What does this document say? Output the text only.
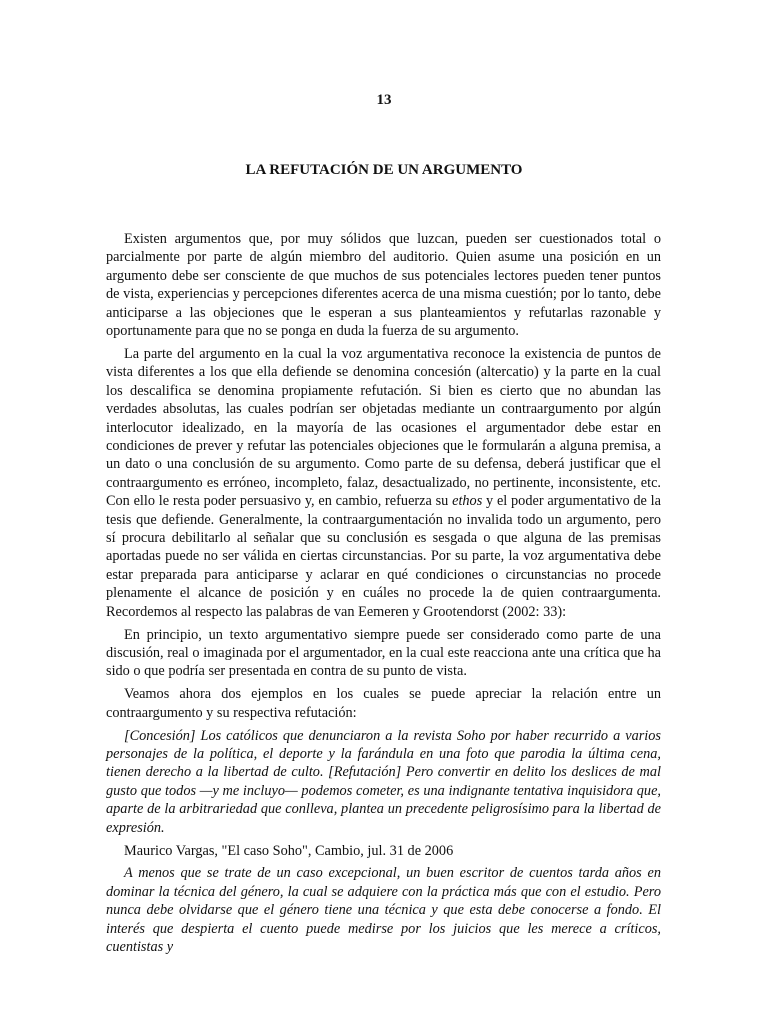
13
LA REFUTACIÓN DE UN ARGUMENTO

Existen argumentos que, por muy sólidos que luzcan, pueden ser cuestionados total o parcialmente por parte de algún miembro del auditorio. Quien asume una posición en un argumento debe ser consciente de que muchos de sus potenciales lectores pueden tener puntos de vista, experiencias y percepciones diferentes acerca de una misma cuestión; por lo tanto, debe anticiparse a las objeciones que le esperan a sus planteamientos y refutarlas razonable y oportunamente para que no se ponga en duda la fuerza de su argumento.

La parte del argumento en la cual la voz argumentativa reconoce la existencia de puntos de vista diferentes a los que ella defiende se denomina concesión (altercatio) y la parte en la cual los descalifica se denomina propiamente refutación. Si bien es cierto que no abundan las verdades absolutas, las cuales podrían ser objetadas mediante un contraargumento por algún interlocutor idealizado, en la mayoría de las ocasiones el argumentador debe estar en condiciones de prever y refutar las potenciales objeciones que le formularán a alguna premisa, a un dato o una conclusión de su argumento. Como parte de su defensa, deberá justificar que el contraargumento es erróneo, incompleto, falaz, desactualizado, no pertinente, inconsistente, etc. Con ello le resta poder persuasivo y, en cambio, refuerza su ethos y el poder argumentativo de la tesis que defiende. Generalmente, la contraargumentación no invalida todo un argumento, pero sí procura debilitarlo al señalar que su conclusión es sesgada o que alguna de las premisas aportadas puede no ser válida en ciertas circunstancias. Por su parte, la voz argumentativa debe estar preparada para anticiparse y aclarar en qué condiciones o circunstancias no procede plenamente el alcance de posición y en cuáles no procede la de quien contraargumenta. Recordemos al respecto las palabras de van Eemeren y Grootendorst (2002: 33):

En principio, un texto argumentativo siempre puede ser considerado como parte de una discusión, real o imaginada por el argumentador, en la cual este reacciona ante una crítica que ha sido o que podría ser presentada en contra de su punto de vista.

Veamos ahora dos ejemplos en los cuales se puede apreciar la relación entre un contraargumento y su respectiva refutación:

[Concesión] Los católicos que denunciaron a la revista Soho por haber recurrido a varios personajes de la política, el deporte y la farándula en una foto que parodia la última cena, tienen derecho a la libertad de culto. [Refutación] Pero convertir en delito los deslices de mal gusto que todos —y me incluyo— podemos cometer, es una indignante tentativa inquisidora que, aparte de la arbitrariedad que conlleva, plantea un precedente peligrosísimo para la libertad de expresión.

Maurico Vargas, "El caso Soho", Cambio, jul. 31 de 2006

A menos que se trate de un caso excepcional, un buen escritor de cuentos tarda años en dominar la técnica del género, la cual se adquiere con la práctica más que con el estudio. Pero nunca debe olvidarse que el género tiene una técnica y que esta debe conocerse a fondo. El interés que despierta el cuento puede medirse por los juicios que les merece a críticos, cuentistas y
